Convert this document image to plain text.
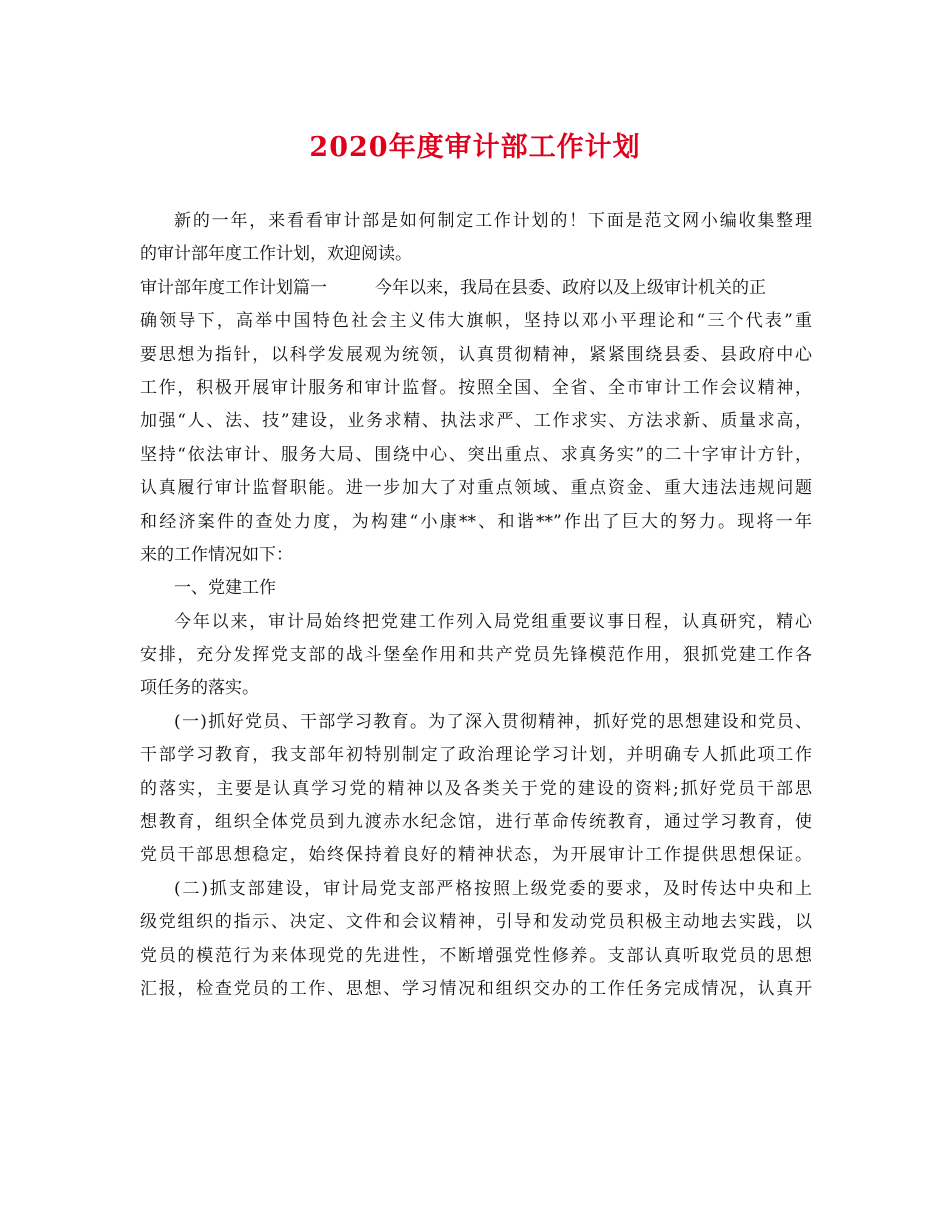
2020年度审计部工作计划
新的一年，来看看审计部是如何制定工作计划的！下面是范文网小编收集整理
的审计部年度工作计划，欢迎阅读。
审计部年度工作计划篇一	今年以来，我局在县委、政府以及上级审计机关的正
确领导下，高举中国特色社会主义伟大旗帜，坚持以邓小平理论和“三个代表”重
要思想为指针，以科学发展观为统领，认真贯彻精神，紧紧围绕县委、县政府中心
工作，积极开展审计服务和审计监督。按照全国、全省、全市审计工作会议精神，
加强“人、法、技”建设，业务求精、执法求严、工作求实、方法求新、质量求高，
坚持“依法审计、服务大局、围绕中心、突出重点、求真务实”的二十字审计方针，
认真履行审计监督职能。进一步加大了对重点领域、重点资金、重大违法违规问题
和经济案件的查处力度，为构建“小康**、和谐**”作出了巨大的努力。现将一年
来的工作情况如下：
一、党建工作
今年以来，审计局始终把党建工作列入局党组重要议事日程，认真研究，精心
安排，充分发挥党支部的战斗堡垒作用和共产党员先锋模范作用，狠抓党建工作各
项任务的落实。
(一)抓好党员、干部学习教育。为了深入贯彻精神，抓好党的思想建设和党员、
干部学习教育，我支部年初特别制定了政治理论学习计划，并明确专人抓此项工作
的落实，主要是认真学习党的精神以及各类关于党的建设的资料;抓好党员干部思
想教育，组织全体党员到九渡赤水纪念馆，进行革命传统教育，通过学习教育，使
党员干部思想稳定，始终保持着良好的精神状态，为开展审计工作提供思想保证。
(二)抓支部建设，审计局党支部严格按照上级党委的要求，及时传达中央和上
级党组织的指示、决定、文件和会议精神，引导和发动党员积极主动地去实践，以
党员的模范行为来体现党的先进性，不断增强党性修养。支部认真听取党员的思想
汇报，检查党员的工作、思想、学习情况和组织交办的工作任务完成情况，认真开
